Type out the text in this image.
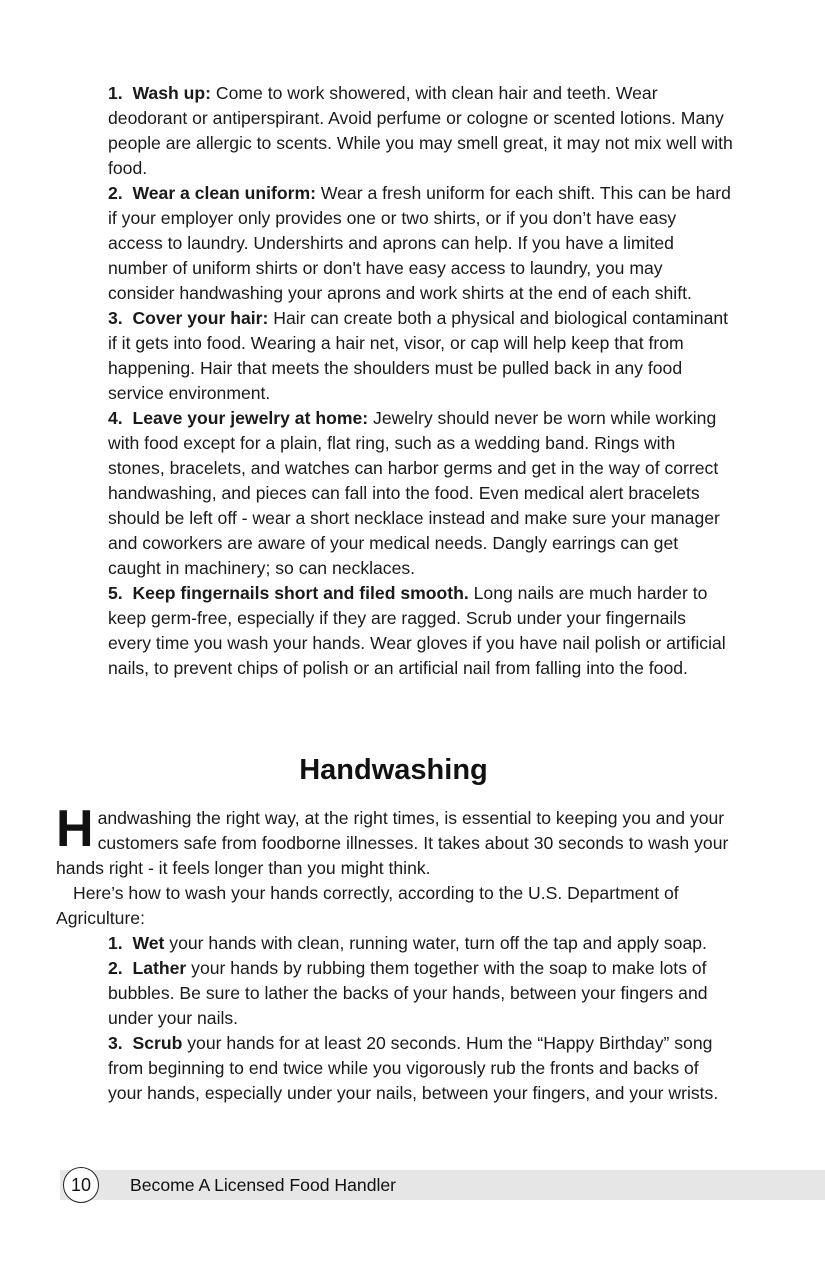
1. Wash up: Come to work showered, with clean hair and teeth. Wear deodorant or antiperspirant. Avoid perfume or cologne or scented lotions. Many people are allergic to scents. While you may smell great, it may not mix well with food.

2. Wear a clean uniform: Wear a fresh uniform for each shift. This can be hard if your employer only provides one or two shirts, or if you don’t have easy access to laundry. Undershirts and aprons can help. If you have a limited number of uniform shirts or don't have easy access to laundry, you may consider handwashing your aprons and work shirts at the end of each shift.

3. Cover your hair: Hair can create both a physical and biological contaminant if it gets into food. Wearing a hair net, visor, or cap will help keep that from happening. Hair that meets the shoulders must be pulled back in any food service environment.

4. Leave your jewelry at home: Jewelry should never be worn while working with food except for a plain, flat ring, such as a wedding band. Rings with stones, bracelets, and watches can harbor germs and get in the way of correct handwashing, and pieces can fall into the food. Even medical alert bracelets should be left off - wear a short necklace instead and make sure your manager and coworkers are aware of your medical needs. Dangly earrings can get caught in machinery; so can necklaces.

5. Keep fingernails short and filed smooth. Long nails are much harder to keep germ-free, especially if they are ragged. Scrub under your fingernails every time you wash your hands. Wear gloves if you have nail polish or artificial nails, to prevent chips of polish or an artificial nail from falling into the food.

Handwashing

Handwashing the right way, at the right times, is essential to keeping you and your customers safe from foodborne illnesses. It takes about 30 seconds to wash your hands right - it feels longer than you might think.

Here’s how to wash your hands correctly, according to the U.S. Department of Agriculture:

1. Wet your hands with clean, running water, turn off the tap and apply soap.

2. Lather your hands by rubbing them together with the soap to make lots of bubbles. Be sure to lather the backs of your hands, between your fingers and under your nails.

3. Scrub your hands for at least 20 seconds. Hum the “Happy Birthday” song from beginning to end twice while you vigorously rub the fronts and backs of your hands, especially under your nails, between your fingers, and your wrists.

10	Become A Licensed Food Handler
